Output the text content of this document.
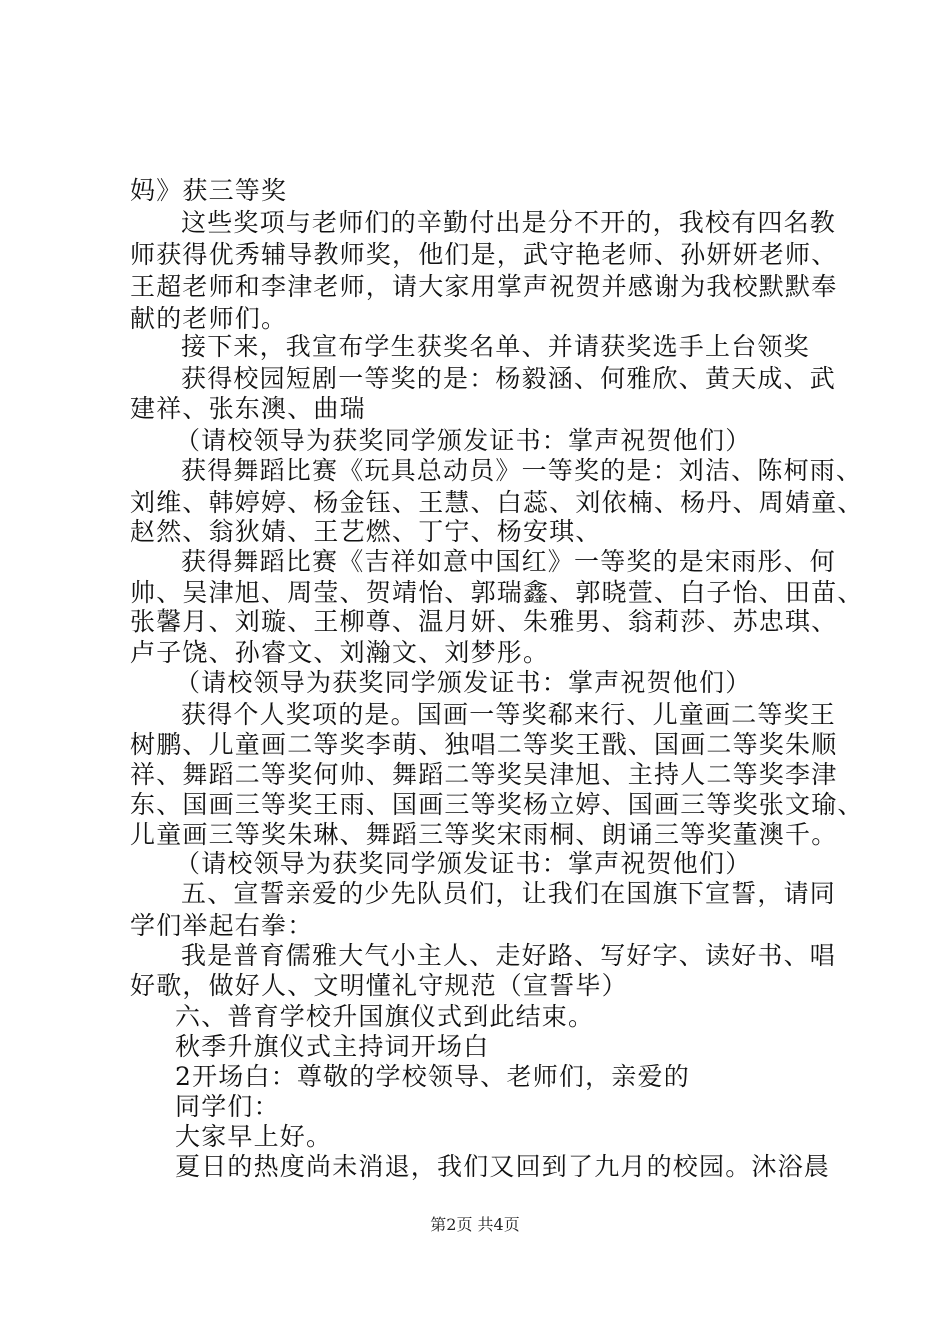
妈》获三等奖
这些奖项与老师们的辛勤付出是分不开的，我校有四名教
师获得优秀辅导教师奖，他们是，武守艳老师、孙妍妍老师、
王超老师和李津老师，请大家用掌声祝贺并感谢为我校默默奉
献的老师们。
接下来，我宣布学生获奖名单、并请获奖选手上台领奖
获得校园短剧一等奖的是：杨毅涵、何雅欣、黄天成、武
建祥、张东澳、曲瑞
（请校领导为获奖同学颁发证书：掌声祝贺他们）
获得舞蹈比赛《玩具总动员》一等奖的是：刘洁、陈柯雨、
刘维、韩婷婷、杨金钰、王慧、白蕊、刘依楠、杨丹、周婧童、
赵然、翁狄婧、王艺燃、丁宁、杨安琪、
获得舞蹈比赛《吉祥如意中国红》一等奖的是宋雨彤、何
帅、吴津旭、周莹、贺靖怡、郭瑞鑫、郭晓萱、白子怡、田苗、
张馨月、刘璇、王柳尊、温月妍、朱雅男、翁莉莎、苏忠琪、
卢子饶、孙睿文、刘瀚文、刘梦彤。
（请校领导为获奖同学颁发证书：掌声祝贺他们）
获得个人奖项的是。国画一等奖郗来行、儿童画二等奖王
树鹏、儿童画二等奖李萌、独唱二等奖王戬、国画二等奖朱顺
祥、舞蹈二等奖何帅、舞蹈二等奖吴津旭、主持人二等奖李津
东、国画三等奖王雨、国画三等奖杨立婷、国画三等奖张文瑜、
儿童画三等奖朱琳、舞蹈三等奖宋雨桐、朗诵三等奖董澳千。
（请校领导为获奖同学颁发证书：掌声祝贺他们）
五、宣誓亲爱的少先队员们，让我们在国旗下宣誓，请同
学们举起右拳：
我是普育儒雅大气小主人、走好路、写好字、读好书、唱
好歌，做好人、文明懂礼守规范（宣誓毕）
六、普育学校升国旗仪式到此结束。
秋季升旗仪式主持词开场白
2开场白：尊敬的学校领导、老师们，亲爱的
同学们：
大家早上好。
夏日的热度尚未消退，我们又回到了九月的校园。沐浴晨
第2页 共4页
